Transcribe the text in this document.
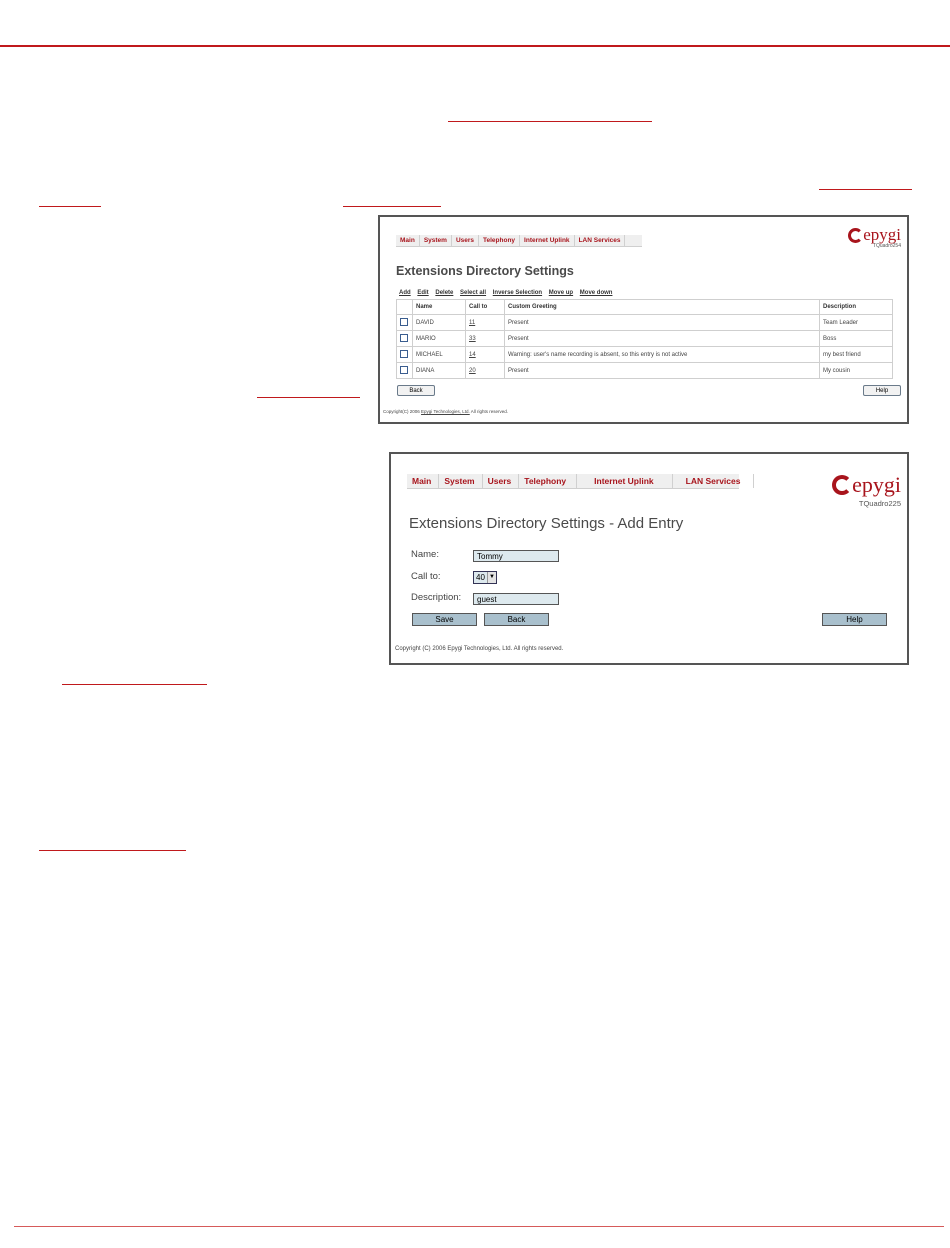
Main	System	Users	Telephony	Internet Uplink	LAN Services	epygi
TQuadro254
Extensions Directory Settings
Add Edit Delete Select all Inverse Selection Move up Move down
	Name	Call to	Custom Greeting	Description
	DAVID	11	Present	Team Leader
	MARIO	33	Present	Boss
	MICHAEL	14	Warning: user's name recording is absent, so this entry is not active	my best friend
	DIANA	20	Present	My cousin
Back	Help
Copyright(C) 2006 Epygi Technologies, Ltd. All rights reserved.
Main	System	Users	Telephony	Internet Uplink	LAN Services	epygi
TQuadro225
Extensions Directory Settings - Add Entry
Name:	Tommy
Call to:	40 ▼
Description:	guest
Save	Back	Help
Copyright (C) 2006 Epygi Technologies, Ltd. All rights reserved.
